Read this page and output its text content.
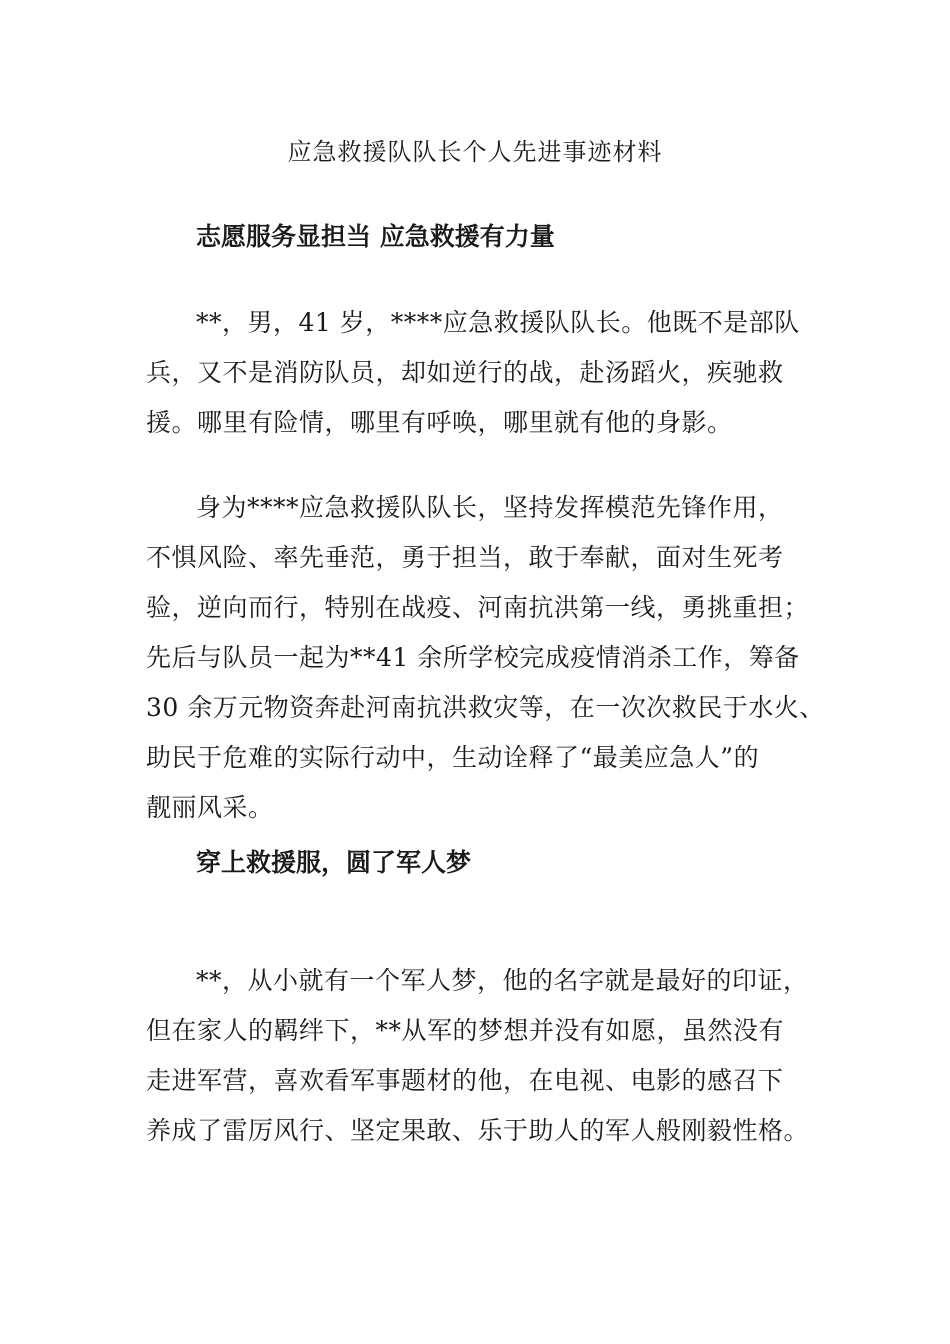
应急救援队队长个人先进事迹材料
志愿服务显担当 应急救援有力量
**，男，41 岁，****应急救援队队长。他既不是部队
兵，又不是消防队员，却如逆行的战，赴汤蹈火，疾驰救
援。哪里有险情，哪里有呼唤，哪里就有他的身影。
身为****应急救援队队长，坚持发挥模范先锋作用，
不惧风险、率先垂范，勇于担当，敢于奉献，面对生死考
验，逆向而行，特别在战疫、河南抗洪第一线，勇挑重担；
先后与队员一起为**41 余所学校完成疫情消杀工作，筹备
30 余万元物资奔赴河南抗洪救灾等，在一次次救民于水火、
助民于危难的实际行动中，生动诠释了“最美应急人”的
靓丽风采。
穿上救援服，圆了军人梦
**，从小就有一个军人梦，他的名字就是最好的印证，
但在家人的羁绊下，**从军的梦想并没有如愿，虽然没有
走进军营，喜欢看军事题材的他，在电视、电影的感召下
养成了雷厉风行、坚定果敢、乐于助人的军人般刚毅性格。
